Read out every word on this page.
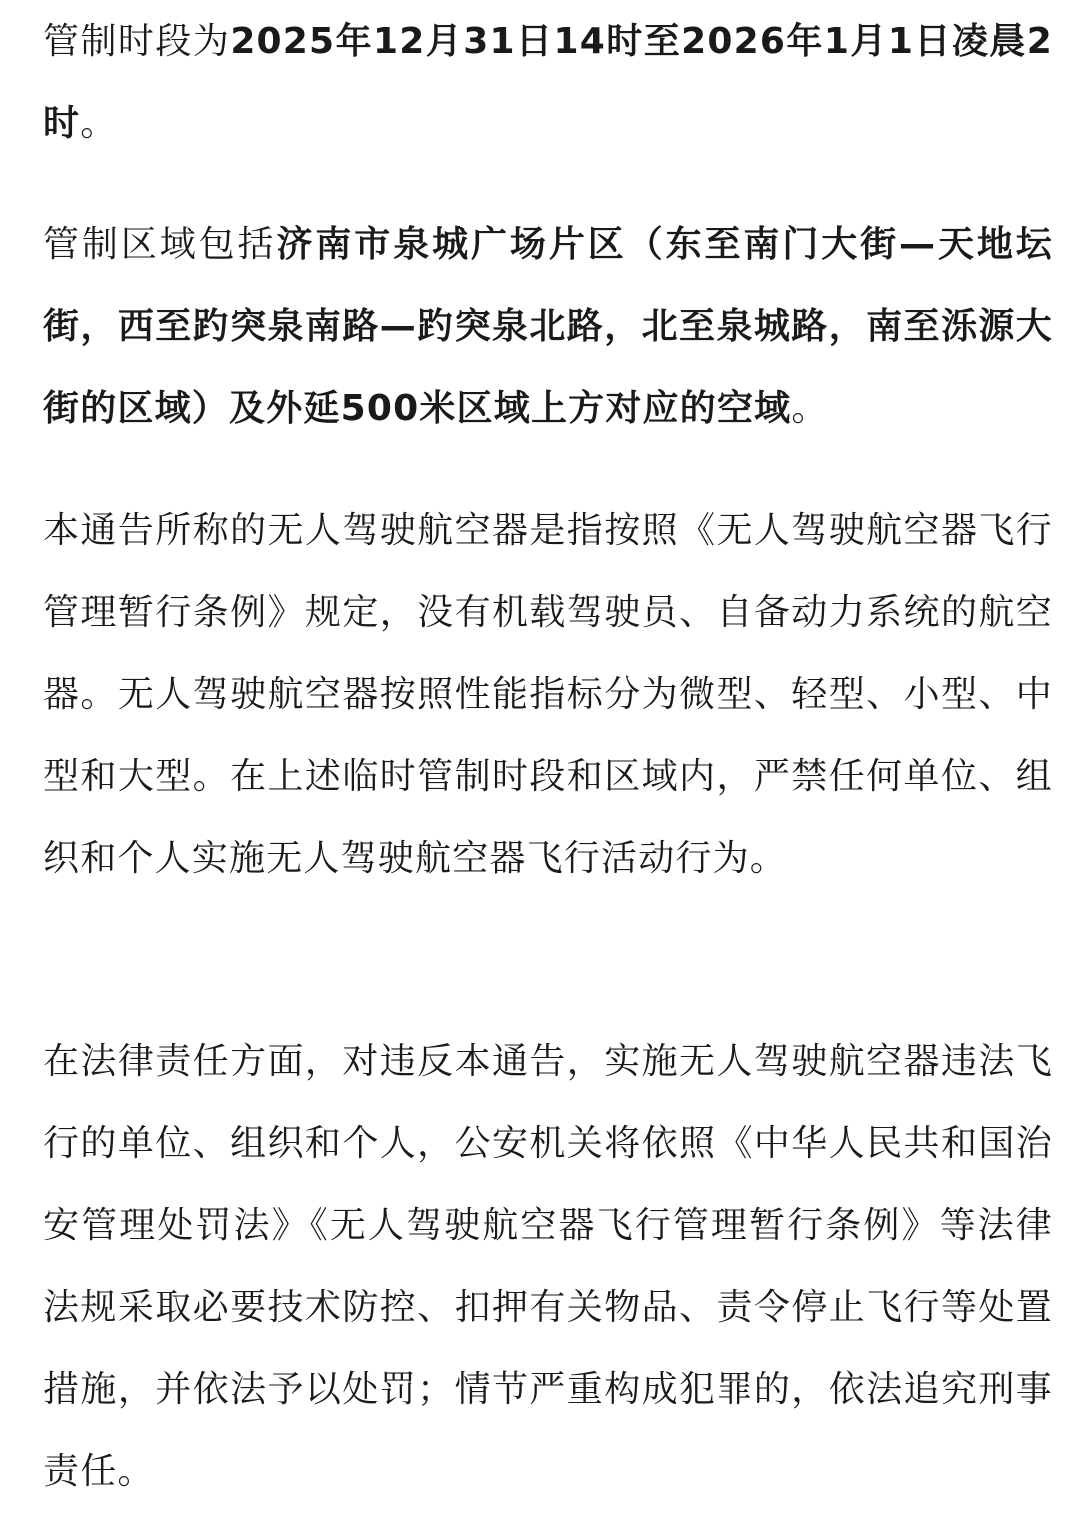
管制时段为2025年12月31日14时至2026年1月1日凌晨2时。

管制区域包括济南市泉城广场片区（东至南门大街—天地坛街，西至趵突泉南路—趵突泉北路，北至泉城路，南至泺源大街的区域）及外延500米区域上方对应的空域。

本通告所称的无人驾驶航空器是指按照《无人驾驶航空器飞行管理暂行条例》规定，没有机载驾驶员、自备动力系统的航空器。无人驾驶航空器按照性能指标分为微型、轻型、小型、中型和大型。在上述临时管制时段和区域内，严禁任何单位、组织和个人实施无人驾驶航空器飞行活动行为。

在法律责任方面，对违反本通告，实施无人驾驶航空器违法飞行的单位、组织和个人，公安机关将依照《中华人民共和国治安管理处罚法》《无人驾驶航空器飞行管理暂行条例》等法律法规采取必要技术防控、扣押有关物品、责令停止飞行等处置措施，并依法予以处罚；情节严重构成犯罪的，依法追究刑事责任。
